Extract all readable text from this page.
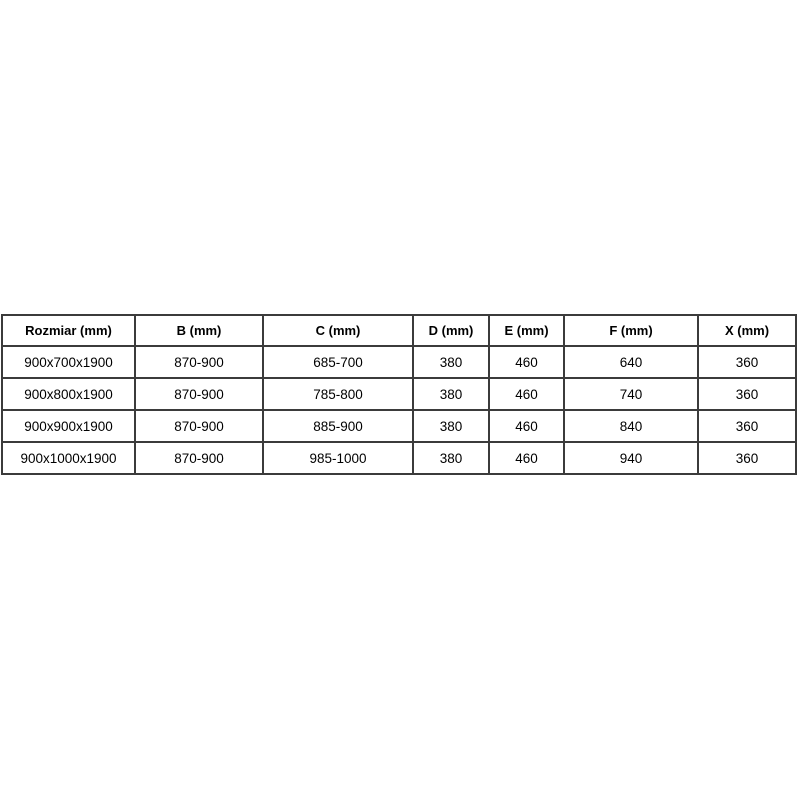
Rozmiar (mm)	B (mm)	C (mm)	D (mm)	E (mm)	F (mm)	X (mm)
900x700x1900	870-900	685-700	380	460	640	360
900x800x1900	870-900	785-800	380	460	740	360
900x900x1900	870-900	885-900	380	460	840	360
900x1000x1900	870-900	985-1000	380	460	940	360
